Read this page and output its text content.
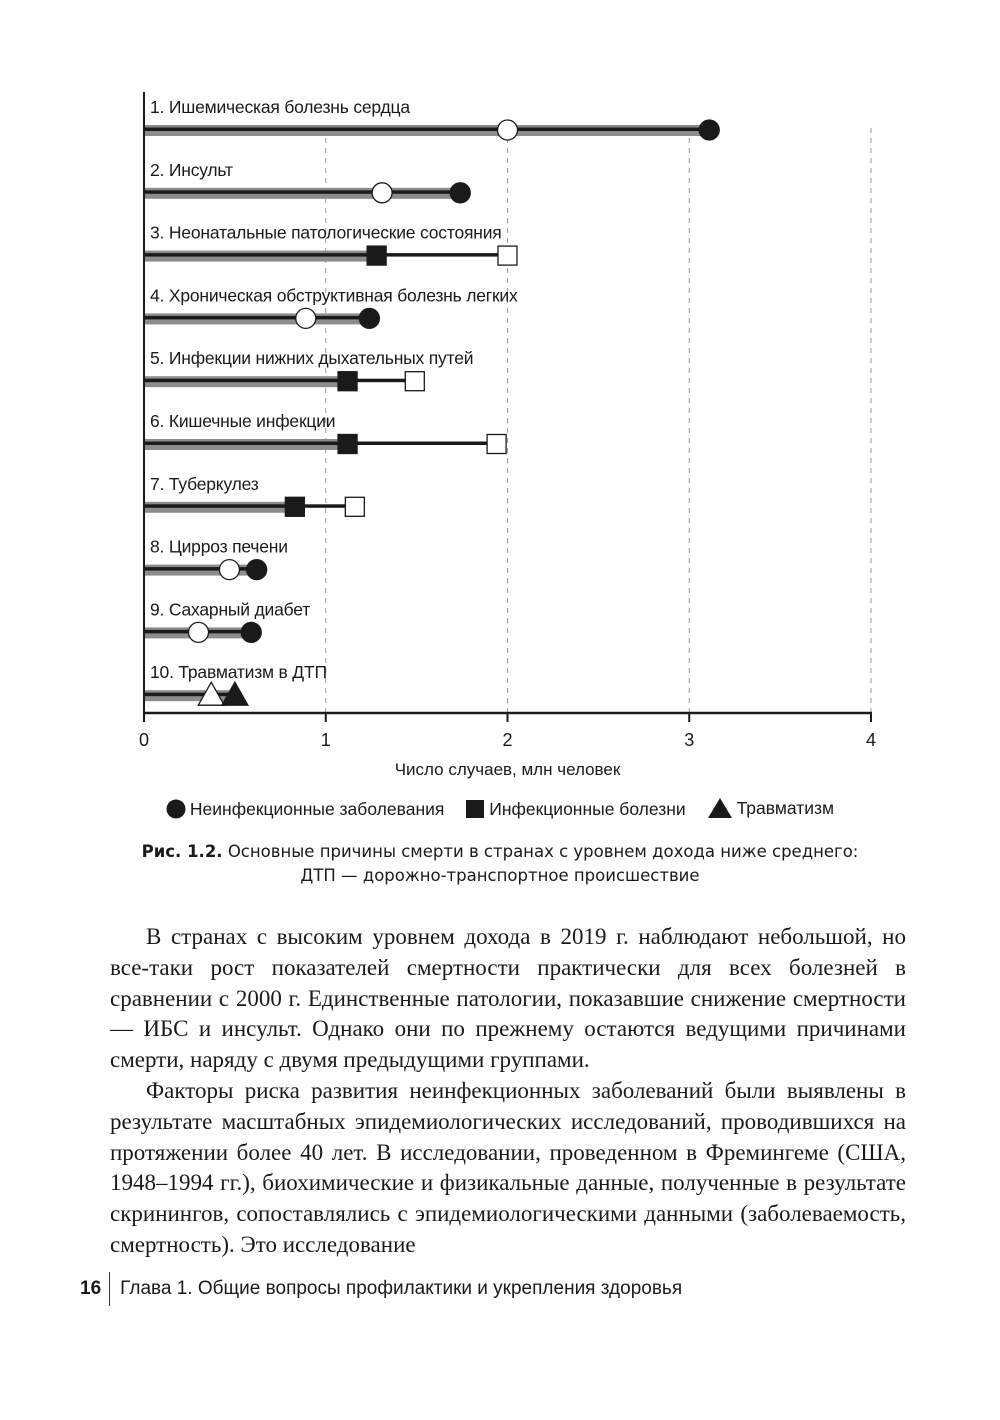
1. Ишемическая болезнь сердца
2. Инсульт
3. Неонатальные патологические состояния
4. Хроническая обструктивная болезнь легких
5. Инфекции нижних дыхательных путей
6. Кишечные инфекции
7. Туберкулез
8. Цирроз печени
9. Сахарный диабет
10. Травматизм в ДТП
0	1	2	3	4
Число случаев, млн человек
Неинфекционные заболевания
	Инфекционные болезни
	Травматизм
Рис. 1.2. Основные причины смерти в странах с уровнем дохода ниже среднего:
ДТП — дорожно-транспортное происшествие

В странах с высоким уровнем дохода в 2019 г. наблюдают небольшой, но все-таки рост показателей смертности практически для всех болезней в сравнении с 2000 г. Единственные патологии, показавшие снижение смертности — ИБС и инсульт. Однако они по прежнему остаются ведущими причинами смерти, наряду с двумя предыдущими группами.

Факторы риска развития неинфекционных заболеваний были выявлены в результате масштабных эпидемиологических исследований, проводившихся на протяжении более 40 лет. В исследовании, проведенном в Фремингеме (США, 1948–1994 гг.), биохимические и физикальные данные, полученные в результате скринингов, сопоставлялись с эпидемиологическими данными (заболеваемость, смертность). Это исследование

16	Глава 1. Общие вопросы профилактики и укрепления здоровья
